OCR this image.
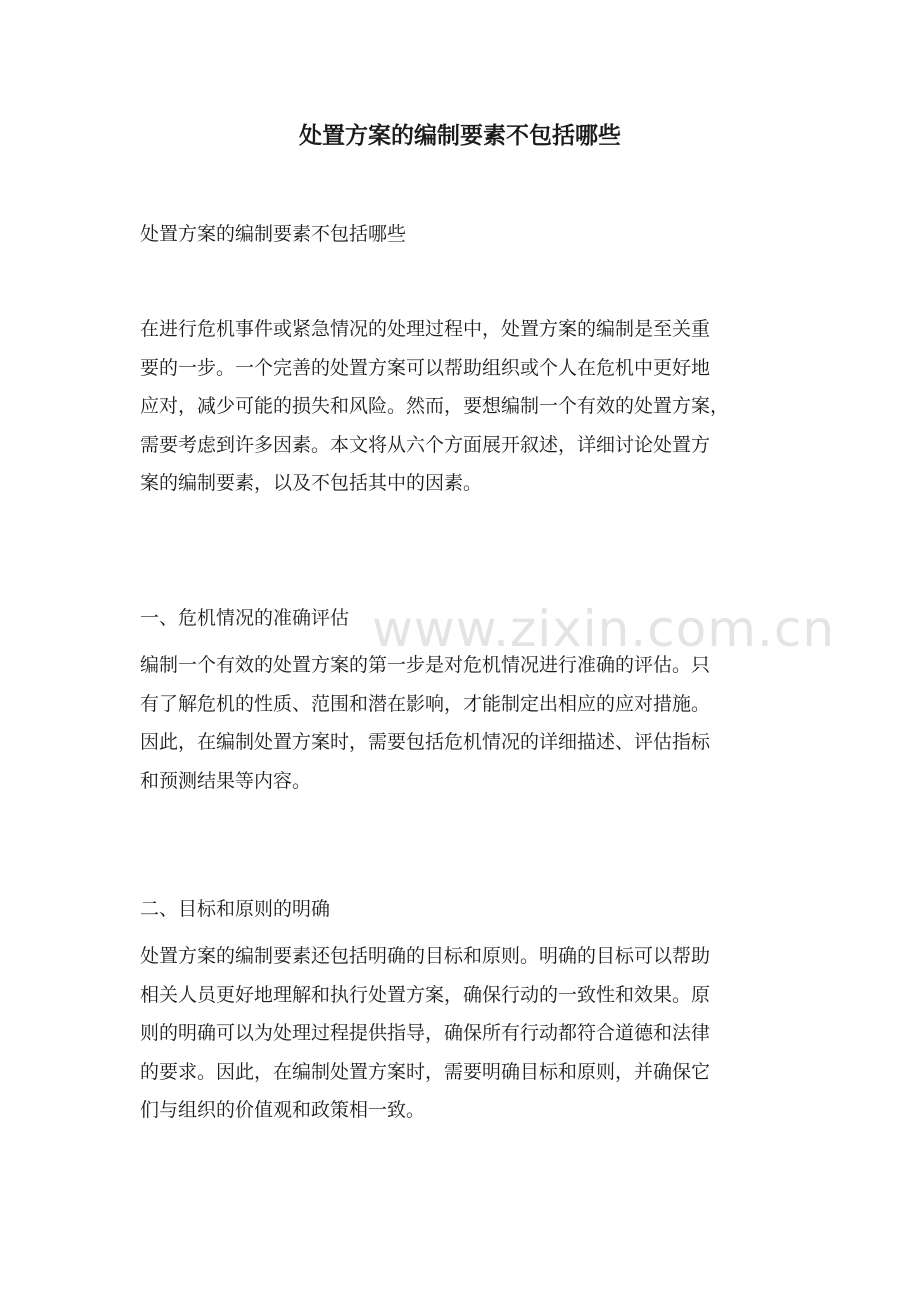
处置方案的编制要素不包括哪些

处置方案的编制要素不包括哪些

在进行危机事件或紧急情况的处理过程中，处置方案的编制是至关重
要的一步。一个完善的处置方案可以帮助组织或个人在危机中更好地
应对，减少可能的损失和风险。然而，要想编制一个有效的处置方案，
需要考虑到许多因素。本文将从六个方面展开叙述，详细讨论处置方
案的编制要素，以及不包括其中的因素。

一、危机情况的准确评估

编制一个有效的处置方案的第一步是对危机情况进行准确的评估。只
有了解危机的性质、范围和潜在影响，才能制定出相应的应对措施。
因此，在编制处置方案时，需要包括危机情况的详细描述、评估指标
和预测结果等内容。

二、目标和原则的明确

处置方案的编制要素还包括明确的目标和原则。明确的目标可以帮助
相关人员更好地理解和执行处置方案，确保行动的一致性和效果。原
则的明确可以为处理过程提供指导，确保所有行动都符合道德和法律
的要求。因此，在编制处置方案时，需要明确目标和原则，并确保它
们与组织的价值观和政策相一致。

www.zixin.com.cn
